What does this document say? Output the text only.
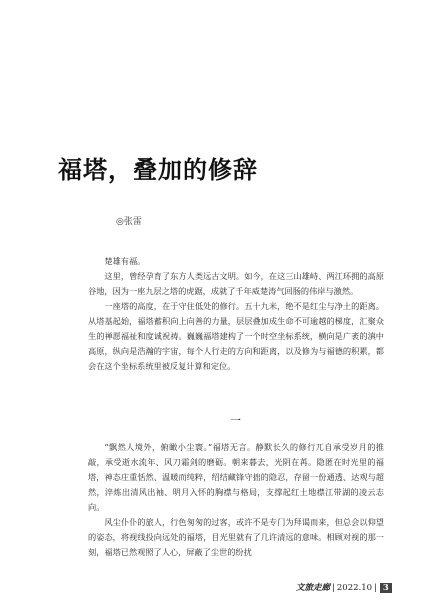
福塔，叠加的修辞
◎张雷

楚雄有福。

这里，曾经孕育了东方人类远古文明。如今，在这三山雄峙、两江环拥的高原谷地，因为一座九层之塔的虎踞，成就了千年威楚涛气回肠的伟岸与激然。

一座塔的高度，在于守住低处的修行。五十九米，绝不是红尘与净土的距离。从塔基起始，福塔蓄积向上向善的力量，层层叠加成生命不可逾越的梯度，汇聚众生的禅愿福祉和度诚祝祷。巍巍福塔建构了一个时空坐标系统，横向是广袤的滇中高原，纵向是浩瀚的宇宙，每个人行走的方向和距离，以及修为与福德的积累，都会在这个坐标系统里被反复计算和定位。

一

“飘然人境外，俯瞰小尘寰。”福塔无言。静默长久的修行兀自承受岁月的推敲，承受逝水流年、风刀霜剑的磨砺。朝来暮去，光阴在苒。隐匿在时光里的福塔，神态庄重恬然、温暖而纯粹，绍结藏锋守拙的隐忍，存留一份通透、达观与超然，淬炼出清风出袖、明月入怀的胸襟与格局，支撑起红土地襟江带湖的凌云志向。

风尘仆仆的旅人，行色匆匆的过客，或许不是专门为拜谒而来，但总会以仰望的姿态，将视线投向远处的福塔，目光里就有了几许清远的意味。相顾对视的那一刻，福塔已然观照了人心，屏蔽了尘世的纷扰

文旅走廊 | 2022.10 | 3
